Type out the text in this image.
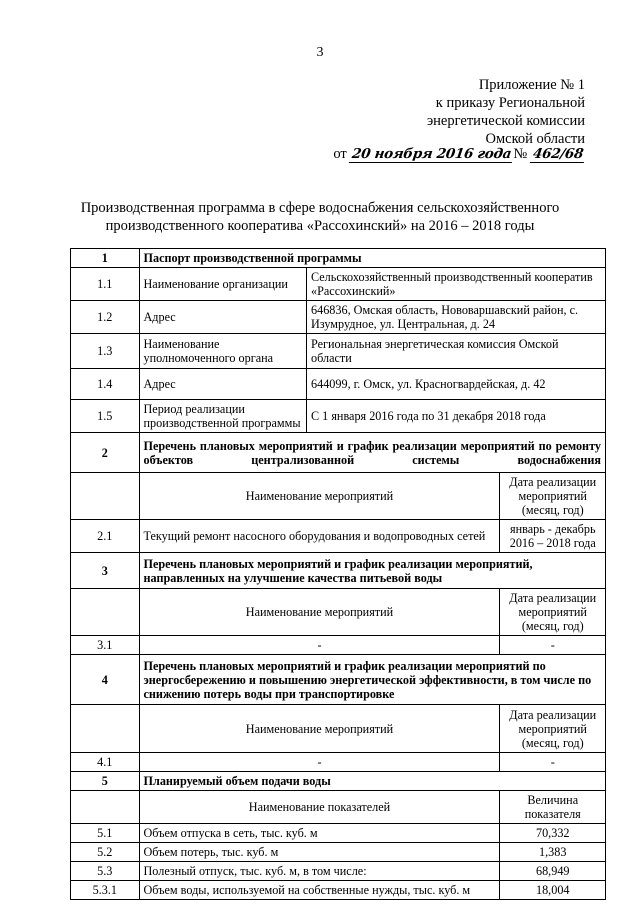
3
Приложение № 1
к приказу Региональной
энергетической комиссии
Омской области
от 20 ноября 2016 года№ 462/68
Производственная программа в сфере водоснабжения сельскохозяйственного
производственного кооператива «Рассохинский» на 2016 – 2018 годы
1	Паспорт производственной программы		
1.1	Наименование организации	Сельскохозяйственный производственный кооператив «Рассохинский»	
1.2	Адрес	646836, Омская область, Нововаршавский район, с. Изумрудное, ул. Центральная, д. 24	
1.3	Наименование уполномоченного органа	Региональная энергетическая комиссия Омской области	
1.4	Адрес	644099, г. Омск, ул. Красногвардейская, д. 42	
1.5	Период реализации производственной программы	С 1 января 2016 года по 31 декабря 2018 года	
2	Перечень плановых мероприятий и график реализации мероприятий по ремонту объектов централизованной системы водоснабжения		
	Наименование мероприятий		Дата реализации мероприятий (месяц, год)
2.1	Текущий ремонт насосного оборудования и водопроводных сетей		январь - декабрь 2016 – 2018 года
3	Перечень плановых мероприятий и график реализации мероприятий, направленных на улучшение качества питьевой воды		
	Наименование мероприятий		Дата реализации мероприятий (месяц, год)
3.1	-		-
4	Перечень плановых мероприятий и график реализации мероприятий по энергосбережению и повышению энергетической эффективности, в том числе по снижению потерь воды при транспортировке		
	Наименование мероприятий		Дата реализации мероприятий (месяц, год)
4.1	-		-
5	Планируемый объем подачи воды		
	Наименование показателей		Величина показателя
5.1	Объем отпуска в сеть, тыс. куб. м		70,332
5.2	Объем потерь, тыс. куб. м		1,383
5.3	Полезный отпуск, тыс. куб. м, в том числе:		68,949
5.3.1	Объем воды, используемой на собственные нужды, тыс. куб. м		18,004
